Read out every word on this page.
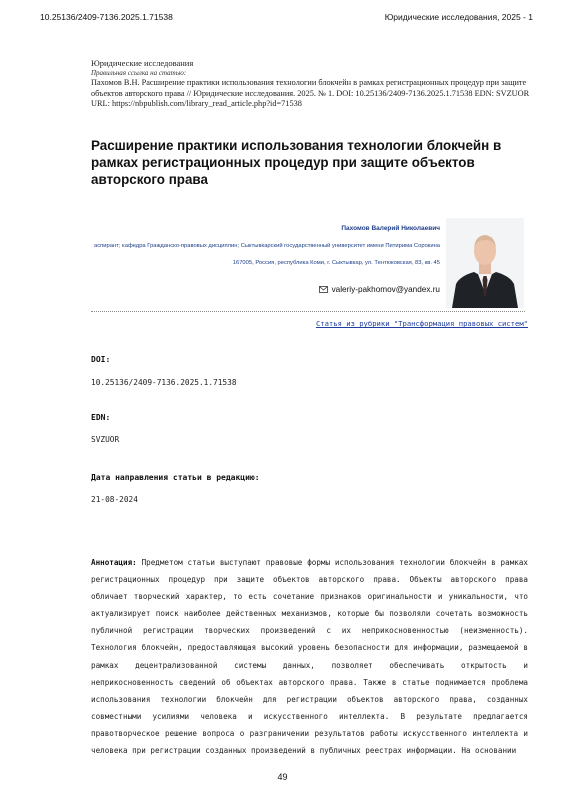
10.25136/2409-7136.2025.1.71538	Юридические исследования, 2025 - 1
Юридические исследования
Правильная ссылка на статью:
Пахомов В.Н. Расширение практики использования технологии блокчейн в рамках регистрационных процедур при защите объектов авторского права // Юридические исследования. 2025. № 1. DOI: 10.25136/2409-7136.2025.1.71538 EDN: SVZUOR URL: https://nbpublish.com/library_read_article.php?id=71538
Расширение практики использования технологии блокчейн в рамках регистрационных процедур при защите объектов авторского права
Пахомов Валерий Николаевич
аспирант; кафедра Гражданско-правовых дисциплин; Сыктывкарский государственный университет имени Питирима Сорокина
167005, Россия, республика Коми, г. Сыктывкар, ул. Тентюковская, 83, кв. 45
valeriy-pakhomov@yandex.ru
Статья из рубрики "Трансформация правовых систем"
DOI:
10.25136/2409-7136.2025.1.71538
EDN:
SVZUOR
Дата направления статьи в редакцию:
21-08-2024

Аннотация: Предметом статьи выступают правовые формы использования технологии блокчейн в рамках регистрационных процедур при защите объектов авторского права. Объекты авторского права обличает творческий характер, то есть сочетание признаков оригинальности и уникальности, что актуализирует поиск наиболее действенных механизмов, которые бы позволяли сочетать возможность публичной регистрации творческих произведений с их неприкосновенностью (неизменность). Технология блокчейн, предоставляющая высокий уровень безопасности для информации, размещаемой в рамках децентрализованной системы данных, позволяет обеспечивать открытость и неприкосновенность сведений об объектах авторского права. Также в статье поднимается проблема использования технологии блокчейн для регистрации объектов авторского права, созданных совместными усилиями человека и искусственного интеллекта. В результате предлагается правотворческое решение вопроса о разграничении результатов работы искусственного интеллекта и человека при регистрации созданных произведений в публичных реестрах информации. На основании

49
